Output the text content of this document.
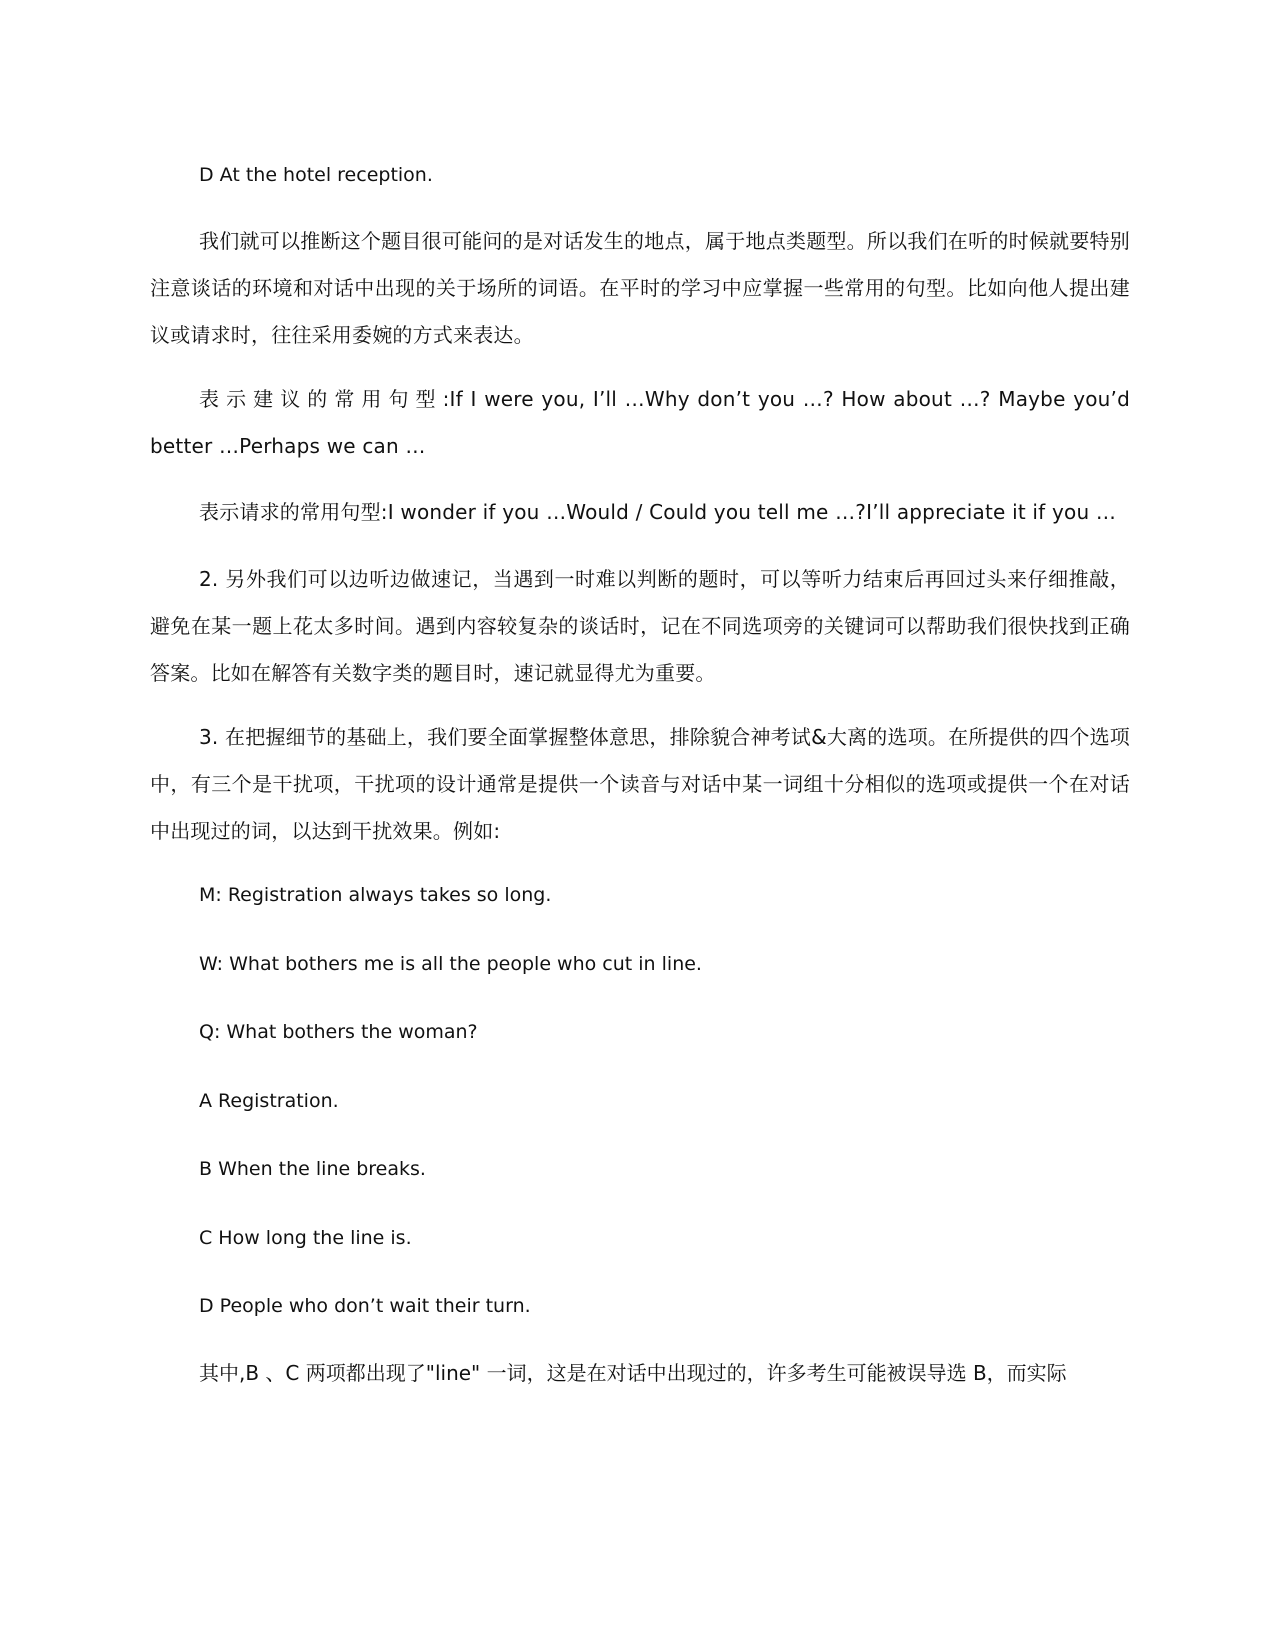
D At the hotel reception.

我们就可以推断这个题目很可能问的是对话发生的地点，属于地点类题型。所以我们在听的时候就要特别注意谈话的环境和对话中出现的关于场所的词语。在平时的学习中应掌握一些常用的句型。比如向他人提出建议或请求时，往往采用委婉的方式来表达。

表示建议的常用句型:If I were you, I’ll …Why don’t you …? How about …? Maybe you’d better …Perhaps we can …

表示请求的常用句型:I wonder if you …Would / Could you tell me …?I’ll appreciate it if you …

2. 另外我们可以边听边做速记，当遇到一时难以判断的题时，可以等听力结束后再回过头来仔细推敲，避免在某一题上花太多时间。遇到内容较复杂的谈话时，记在不同选项旁的关键词可以帮助我们很快找到正确答案。比如在解答有关数字类的题目时，速记就显得尤为重要。

3. 在把握细节的基础上，我们要全面掌握整体意思，排除貌合神考试&大离的选项。在所提供的四个选项中，有三个是干扰项，干扰项的设计通常是提供一个读音与对话中某一词组十分相似的选项或提供一个在对话中出现过的词，以达到干扰效果。例如:

M: Registration always takes so long.

W: What bothers me is all the people who cut in line.

Q: What bothers the woman?

A Registration.

B When the line breaks.

C How long the line is.

D People who don’t wait their turn.

其中,B 、C 两项都出现了"line" 一词，这是在对话中出现过的，许多考生可能被误导选 B，而实际
